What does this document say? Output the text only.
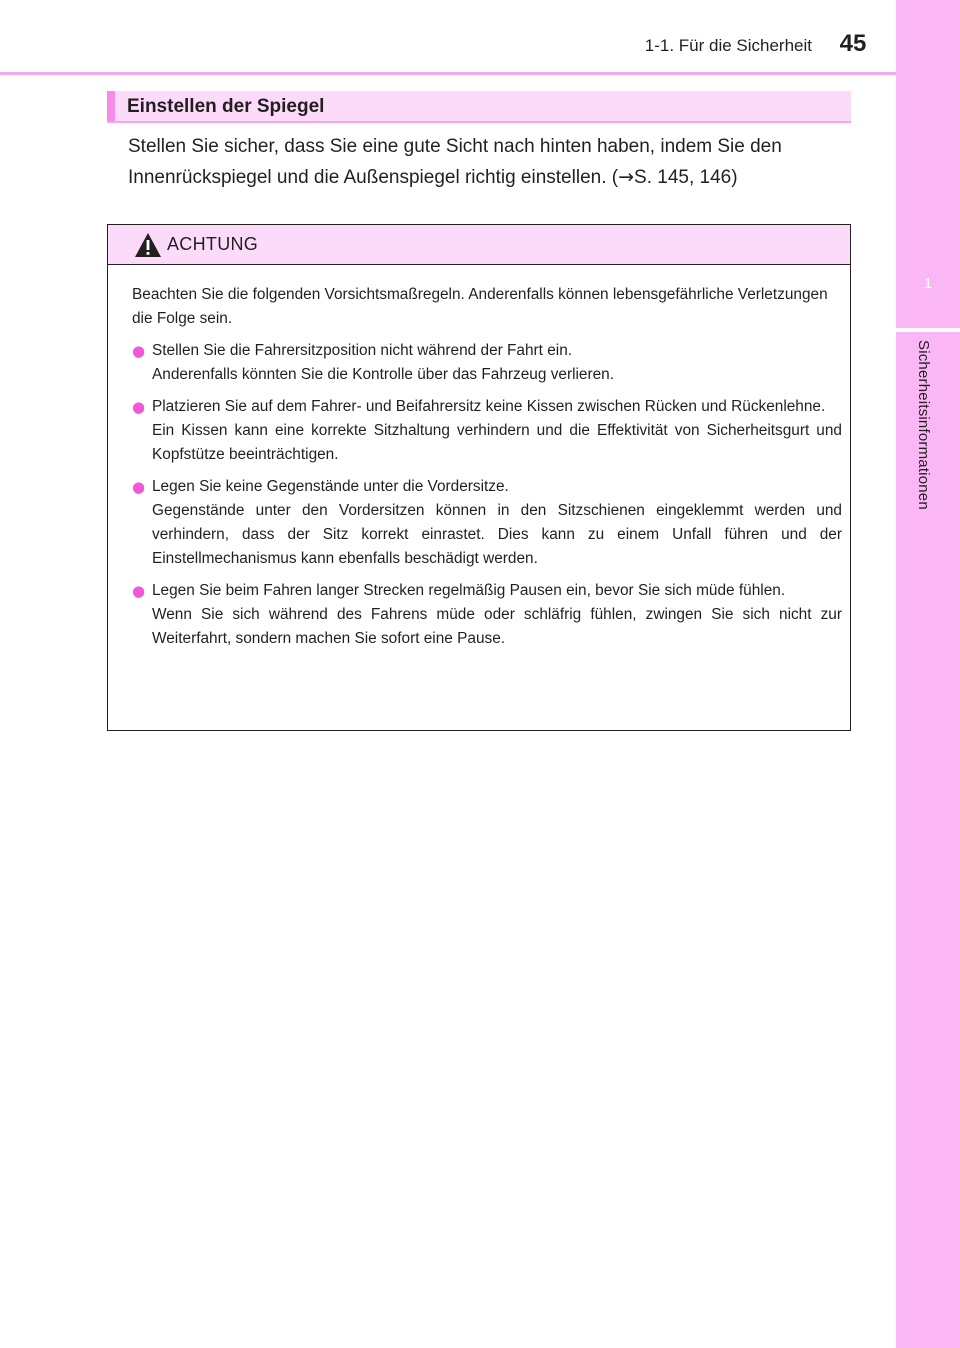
1-1. Für die Sicherheit	45
1
Sicherheitsinformationen
Einstellen der Spiegel
Stellen Sie sicher, dass Sie eine gute Sicht nach hinten haben, indem Sie den
Innenrückspiegel und die Außenspiegel richtig einstellen. (→S. 145, 146)
ACHTUNG

Beachten Sie die folgenden Vorsichtsmaßregeln. Anderenfalls können lebensgefährliche Verletzungen die Folge sein.

● Stellen Sie die Fahrersitzposition nicht während der Fahrt ein.
Anderenfalls könnten Sie die Kontrolle über das Fahrzeug verlieren.
● Platzieren Sie auf dem Fahrer- und Beifahrersitz keine Kissen zwischen Rücken und Rückenlehne.
Ein Kissen kann eine korrekte Sitzhaltung verhindern und die Effektivität von Sicherheitsgurt und Kopfstütze beeinträchtigen.
● Legen Sie keine Gegenstände unter die Vordersitze.
Gegenstände unter den Vordersitzen können in den Sitzschienen eingeklemmt werden und verhindern, dass der Sitz korrekt einrastet. Dies kann zu einem Unfall führen und der Einstellmechanismus kann ebenfalls beschädigt werden.
● Legen Sie beim Fahren langer Strecken regelmäßig Pausen ein, bevor Sie sich müde fühlen.
Wenn Sie sich während des Fahrens müde oder schläfrig fühlen, zwingen Sie sich nicht zur Weiterfahrt, sondern machen Sie sofort eine Pause.
